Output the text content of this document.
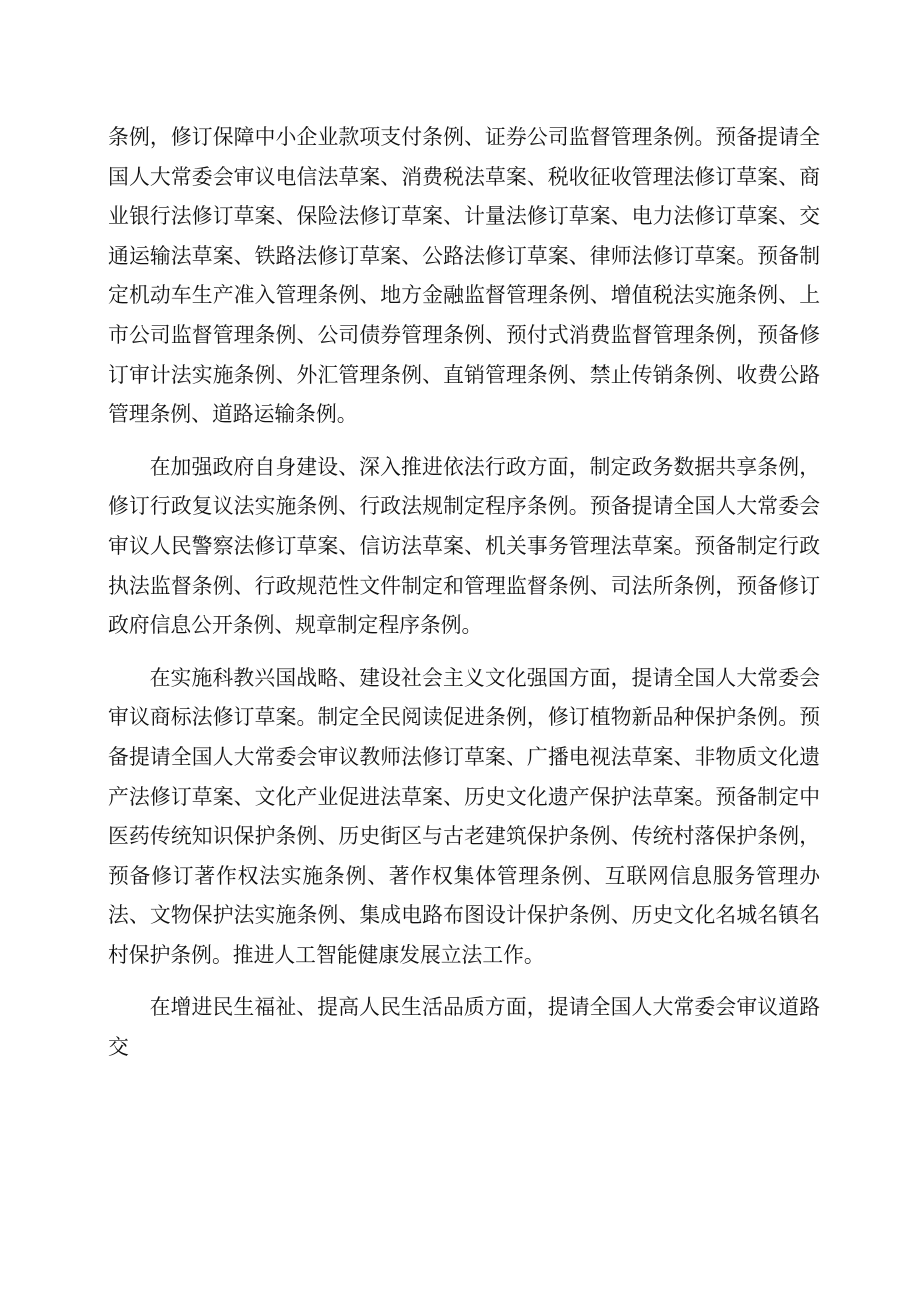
条例，修订保障中小企业款项支付条例、证券公司监督管理条例。预备提请全国人大常委会审议电信法草案、消费税法草案、税收征收管理法修订草案、商业银行法修订草案、保险法修订草案、计量法修订草案、电力法修订草案、交通运输法草案、铁路法修订草案、公路法修订草案、律师法修订草案。预备制定机动车生产准入管理条例、地方金融监督管理条例、增值税法实施条例、上市公司监督管理条例、公司债券管理条例、预付式消费监督管理条例，预备修订审计法实施条例、外汇管理条例、直销管理条例、禁止传销条例、收费公路管理条例、道路运输条例。

在加强政府自身建设、深入推进依法行政方面，制定政务数据共享条例，修订行政复议法实施条例、行政法规制定程序条例。预备提请全国人大常委会审议人民警察法修订草案、信访法草案、机关事务管理法草案。预备制定行政执法监督条例、行政规范性文件制定和管理监督条例、司法所条例，预备修订政府信息公开条例、规章制定程序条例。

在实施科教兴国战略、建设社会主义文化强国方面，提请全国人大常委会审议商标法修订草案。制定全民阅读促进条例，修订植物新品种保护条例。预备提请全国人大常委会审议教师法修订草案、广播电视法草案、非物质文化遗产法修订草案、文化产业促进法草案、历史文化遗产保护法草案。预备制定中医药传统知识保护条例、历史街区与古老建筑保护条例、传统村落保护条例，预备修订著作权法实施条例、著作权集体管理条例、互联网信息服务管理办法、文物保护法实施条例、集成电路布图设计保护条例、历史文化名城名镇名村保护条例。推进人工智能健康发展立法工作。

在增进民生福祉、提高人民生活品质方面，提请全国人大常委会审议道路交
